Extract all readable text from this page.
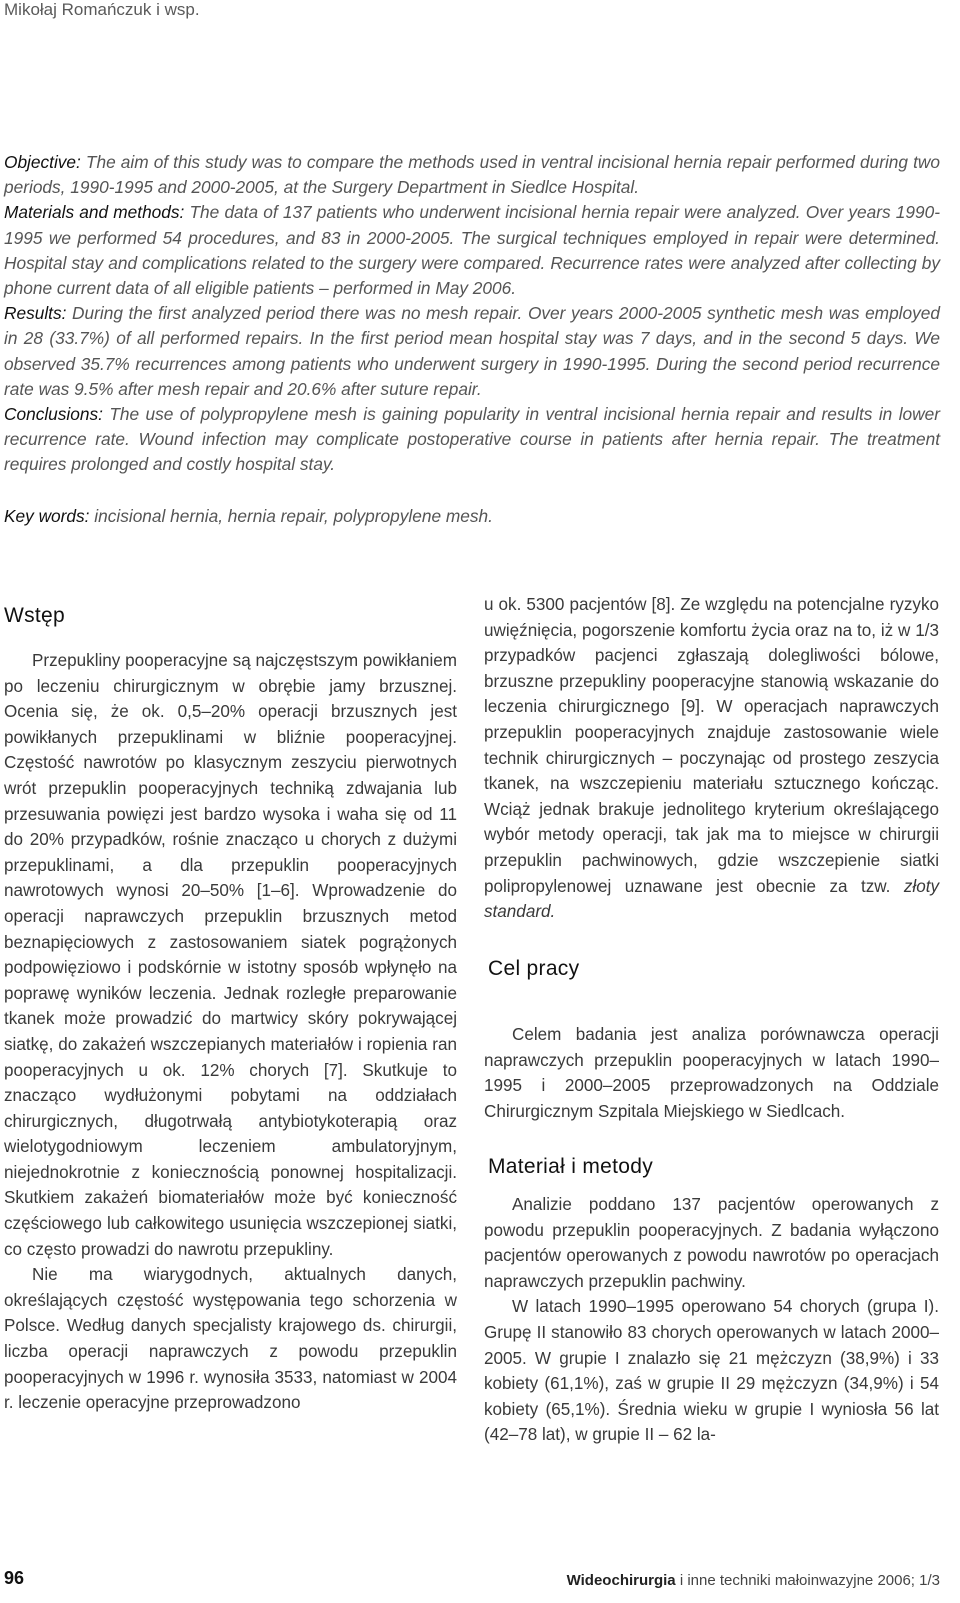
Mikołaj Romańczuk i wsp.

Objective: The aim of this study was to compare the methods used in ventral incisional hernia repair performed during two periods, 1990-1995 and 2000-2005, at the Surgery Department in Siedlce Hospital.

Materials and methods: The data of 137 patients who underwent incisional hernia repair were analyzed. Over years 1990-1995 we performed 54 procedures, and 83 in 2000-2005. The surgical techniques employed in repair were determined. Hospital stay and complications related to the surgery were compared. Recurrence rates were analyzed after collecting by phone current data of all eligible patients – performed in May 2006.

Results: During the first analyzed period there was no mesh repair. Over years 2000-2005 synthetic mesh was employed in 28 (33.7%) of all performed repairs. In the first period mean hospital stay was 7 days, and in the second 5 days. We observed 35.7% recurrences among patients who underwent surgery in 1990-1995. During the second period recurrence rate was 9.5% after mesh repair and 20.6% after suture repair.

Conclusions: The use of polypropylene mesh is gaining popularity in ventral incisional hernia repair and results in lower recurrence rate. Wound infection may complicate postoperative course in patients after hernia repair. The treatment requires prolonged and costly hospital stay.

Key words: incisional hernia, hernia repair, polypropylene mesh.
Wstęp

Przepukliny pooperacyjne są najczęstszym powikłaniem po leczeniu chirurgicznym w obrębie jamy brzusznej. Ocenia się, że ok. 0,5–20% operacji brzusznych jest powikłanych przepuklinami w bliźnie pooperacyjnej. Częstość nawrotów po klasycznym zeszyciu pierwotnych wrót przepuklin pooperacyjnych techniką zdwajania lub przesuwania powięzi jest bardzo wysoka i waha się od 11 do 20% przypadków, rośnie znacząco u chorych z dużymi przepuklinami, a dla przepuklin pooperacyjnych nawrotowych wynosi 20–50% [1–6]. Wprowadzenie do operacji naprawczych przepuklin brzusznych metod beznapięciowych z zastosowaniem siatek pogrążonych podpowięziowo i podskórnie w istotny sposób wpłynęło na poprawę wyników leczenia. Jednak rozległe preparowanie tkanek może prowadzić do martwicy skóry pokrywającej siatkę, do zakażeń wszczepianych materiałów i ropienia ran pooperacyjnych u ok. 12% chorych [7]. Skutkuje to znacząco wydłużonymi pobytami na oddziałach chirurgicznych, długotrwałą antybiotykoterapią oraz wielotygodniowym leczeniem ambulatoryjnym, niejednokrotnie z koniecznością ponownej hospitalizacji. Skutkiem zakażeń biomateriałów może być konieczność częściowego lub całkowitego usunięcia wszczepionej siatki, co często prowadzi do nawrotu przepukliny.

Nie ma wiarygodnych, aktualnych danych, określających częstość występowania tego schorzenia w Polsce. Według danych specjalisty krajowego ds. chirurgii, liczba operacji naprawczych z powodu przepuklin pooperacyjnych w 1996 r. wynosiła 3533, natomiast w 2004 r. leczenie operacyjne przeprowadzono

u ok. 5300 pacjentów [8]. Ze względu na potencjalne ryzyko uwięźnięcia, pogorszenie komfortu życia oraz na to, iż w 1/3 przypadków pacjenci zgłaszają dolegliwości bólowe, brzuszne przepukliny pooperacyjne stanowią wskazanie do leczenia chirurgicznego [9]. W operacjach naprawczych przepuklin pooperacyjnych znajduje zastosowanie wiele technik chirurgicznych – poczynając od prostego zeszycia tkanek, na wszczepieniu materiału sztucznego kończąc. Wciąż jednak brakuje jednolitego kryterium określającego wybór metody operacji, tak jak ma to miejsce w chirurgii przepuklin pachwinowych, gdzie wszczepienie siatki polipropylenowej uznawane jest obecnie za tzw. złoty standard.

Cel pracy

Celem badania jest analiza porównawcza operacji naprawczych przepuklin pooperacyjnych w latach 1990–1995 i 2000–2005 przeprowadzonych na Oddziale Chirurgicznym Szpitala Miejskiego w Siedlcach.

Materiał i metody

Analizie poddano 137 pacjentów operowanych z powodu przepuklin pooperacyjnych. Z badania wyłączono pacjentów operowanych z powodu nawrotów po operacjach naprawczych przepuklin pachwiny.

W latach 1990–1995 operowano 54 chorych (grupa I). Grupę II stanowiło 83 chorych operowanych w latach 2000–2005. W grupie I znalazło się 21 mężczyzn (38,9%) i 33 kobiety (61,1%), zaś w grupie II 29 mężczyzn (34,9%) i 54 kobiety (65,1%). Średnia wieku w grupie I wyniosła 56 lat (42–78 lat), w grupie II – 62 la-

96	Wideochirurgia i inne techniki małoinwazyjne 2006; 1/3
